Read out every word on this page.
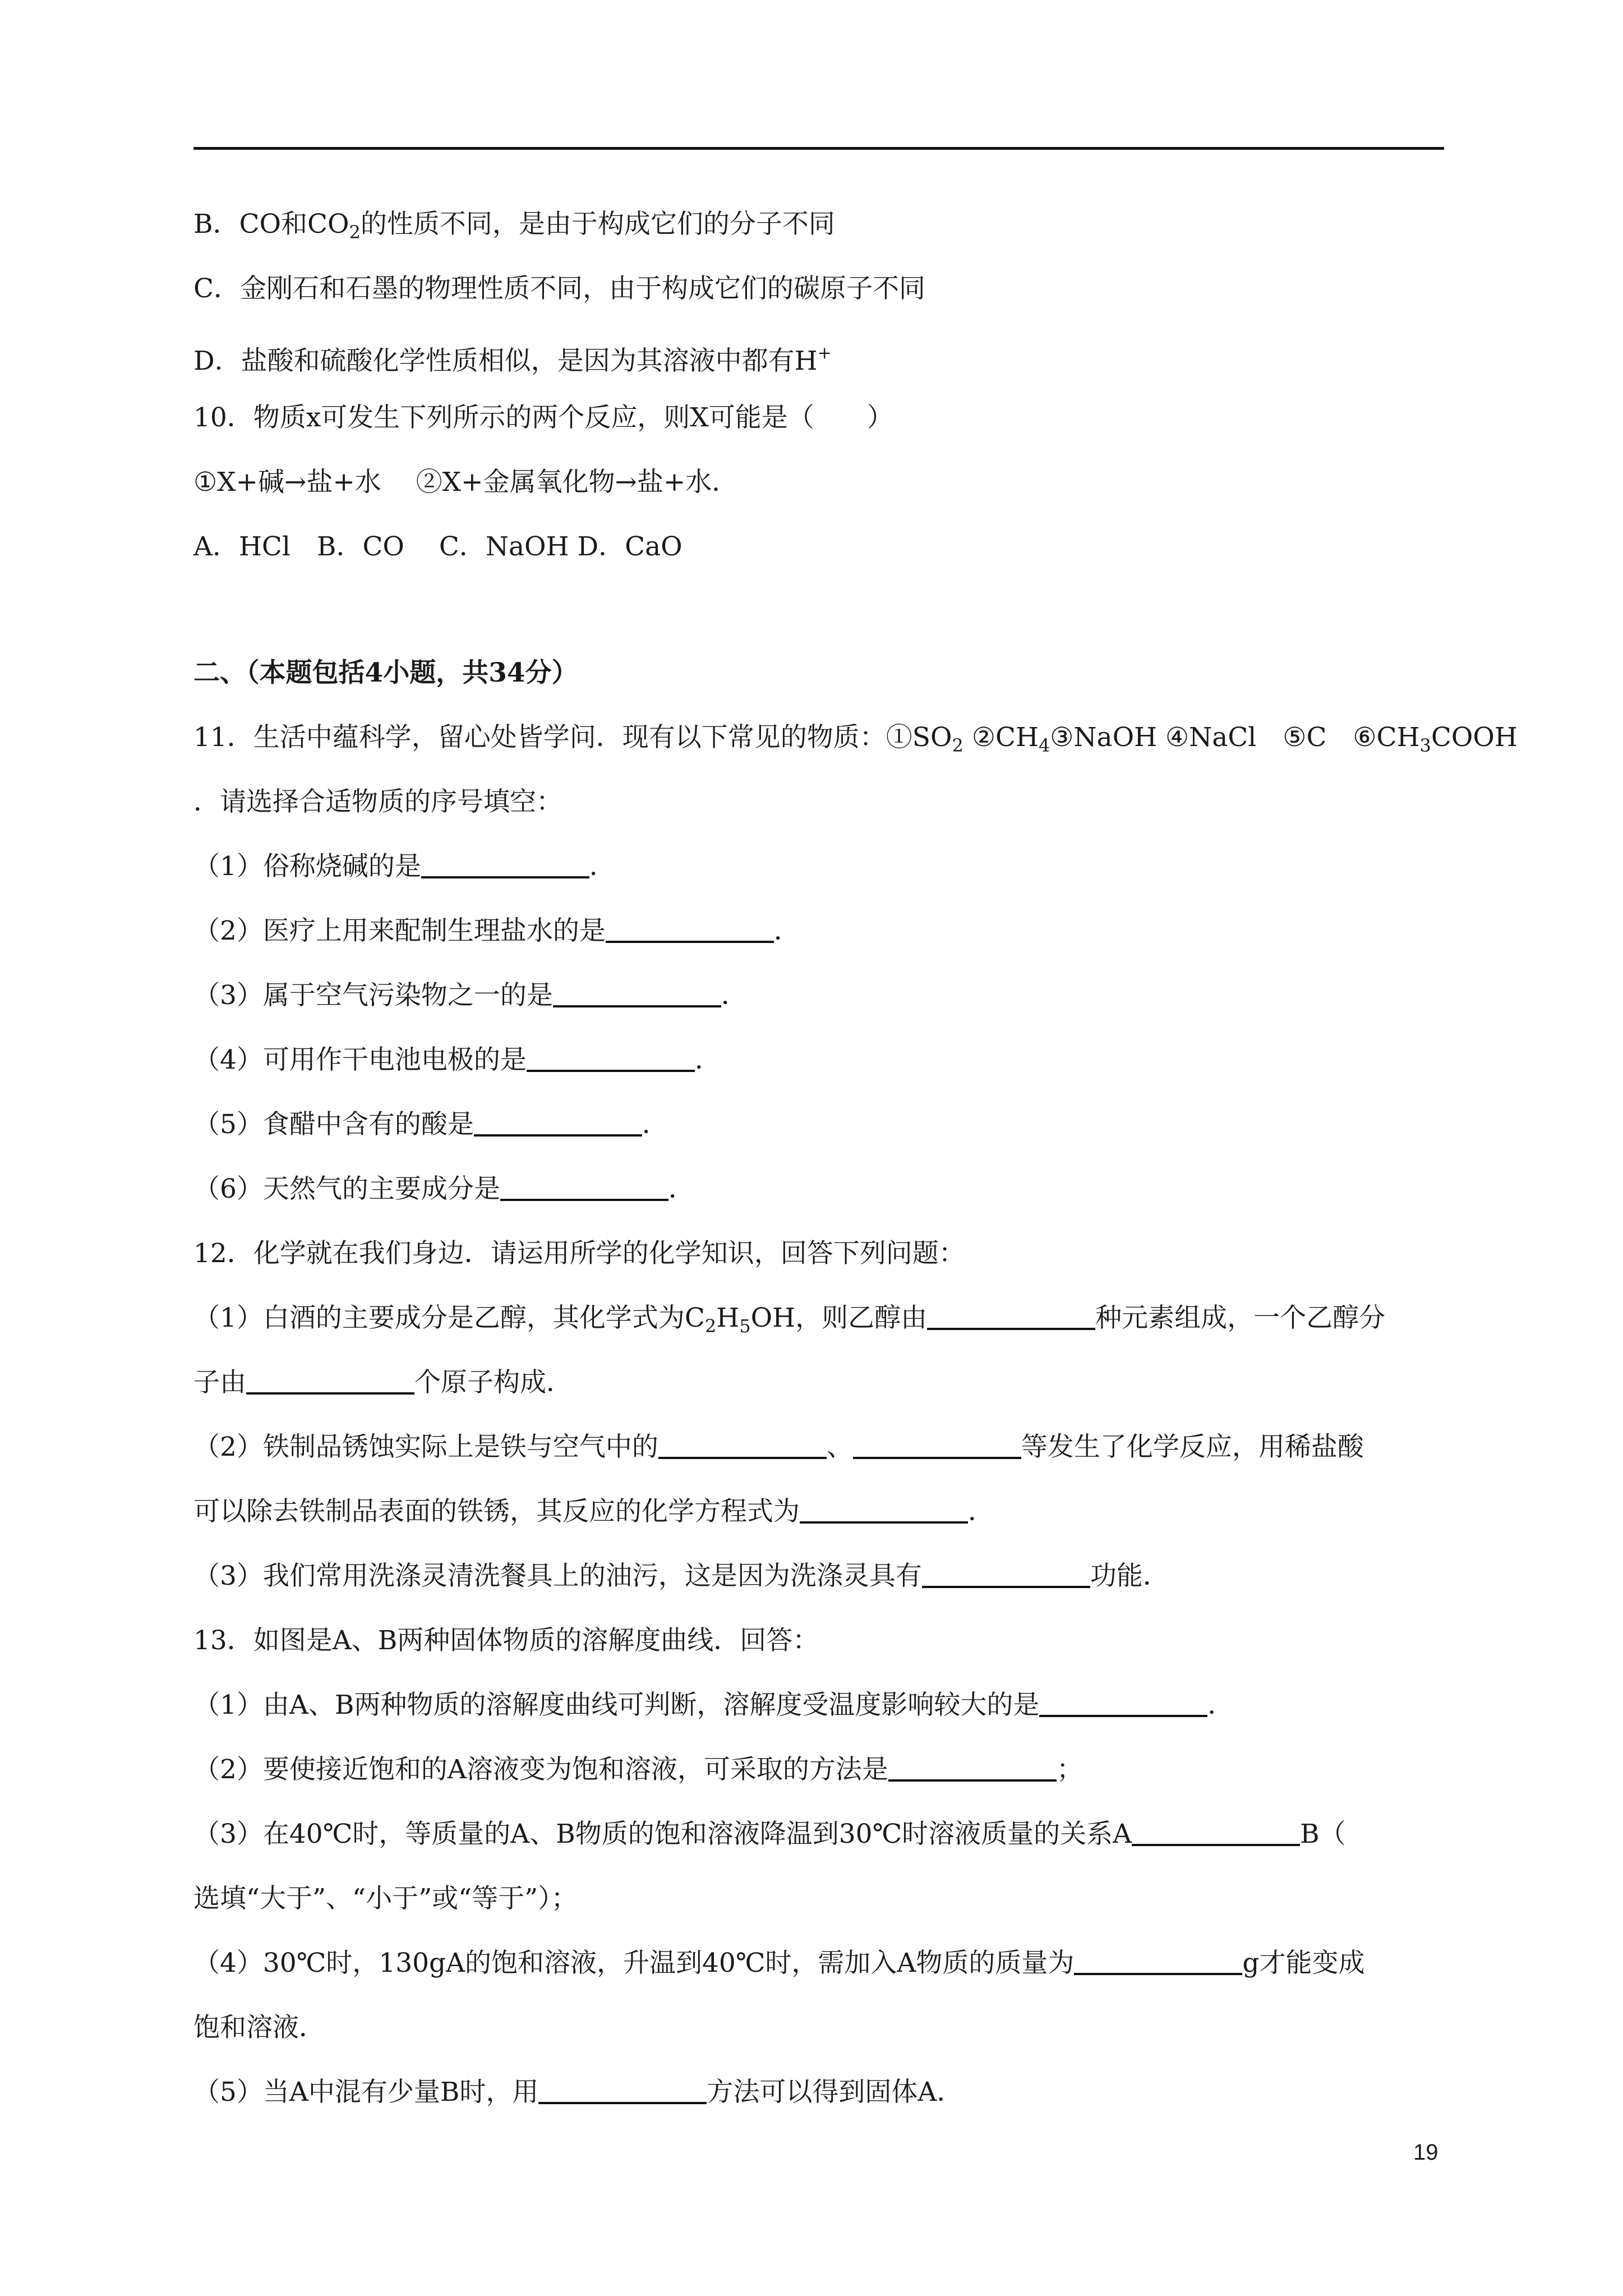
B．CO和$CO_2$的性质不同，是由于构成它们的分子不同
C．金刚石和石墨的物理性质不同，由于构成它们的碳原子不同
D．盐酸和硫酸化学性质相似，是因为其溶液中都有H+
10．物质x可发生下列所示的两个反应，则X可能是（　　）
①X+碱→盐+水　 ②X+金属氧化物→盐+水．
A．HCl　B．CO　 C．NaOH D．CaO
二、（本题包括4小题，共34分）
11．生活中蕴科学，留心处皆学问．现有以下常见的物质：$①SO_2$ $②CH_4③NaOH$ ④NaCl　⑤C　$⑥CH_3COOH$
．请选择合适物质的序号填空：
（1）俗称烧碱的是	．
（2）医疗上用来配制生理盐水的是	．
（3）属于空气污染物之一的是	．
（4）可用作干电池电极的是	．
（5）食醋中含有的酸是	．
（6）天然气的主要成分是	．
12．化学就在我们身边．请运用所学的化学知识，回答下列问题：
（1）白酒的主要成分是乙醇，其化学式为$C_2H_5OH$，则乙醇由	种元素组成，一个乙醇分
子由	个原子构成．
（2）铁制品锈蚀实际上是铁与空气中的	、	等发生了化学反应，用稀盐酸
可以除去铁制品表面的铁锈，其反应的化学方程式为	．
（3）我们常用洗涤灵清洗餐具上的油污，这是因为洗涤灵具有	功能．
13．如图是A、B两种固体物质的溶解度曲线．回答：
（1）由A、B两种物质的溶解度曲线可判断，溶解度受温度影响较大的是	．
（2）要使接近饱和的A溶液变为饱和溶液，可采取的方法是	；
（3）在40℃时，等质量的A、B物质的饱和溶液降温到30℃时溶液质量的关系A	B（
选填“大于”、“小于”或“等于”）；
（4）30℃时，130gA的饱和溶液，升温到40℃时，需加入A物质的质量为	g才能变成
饱和溶液．
（5）当A中混有少量B时，用	方法可以得到固体A．
19
